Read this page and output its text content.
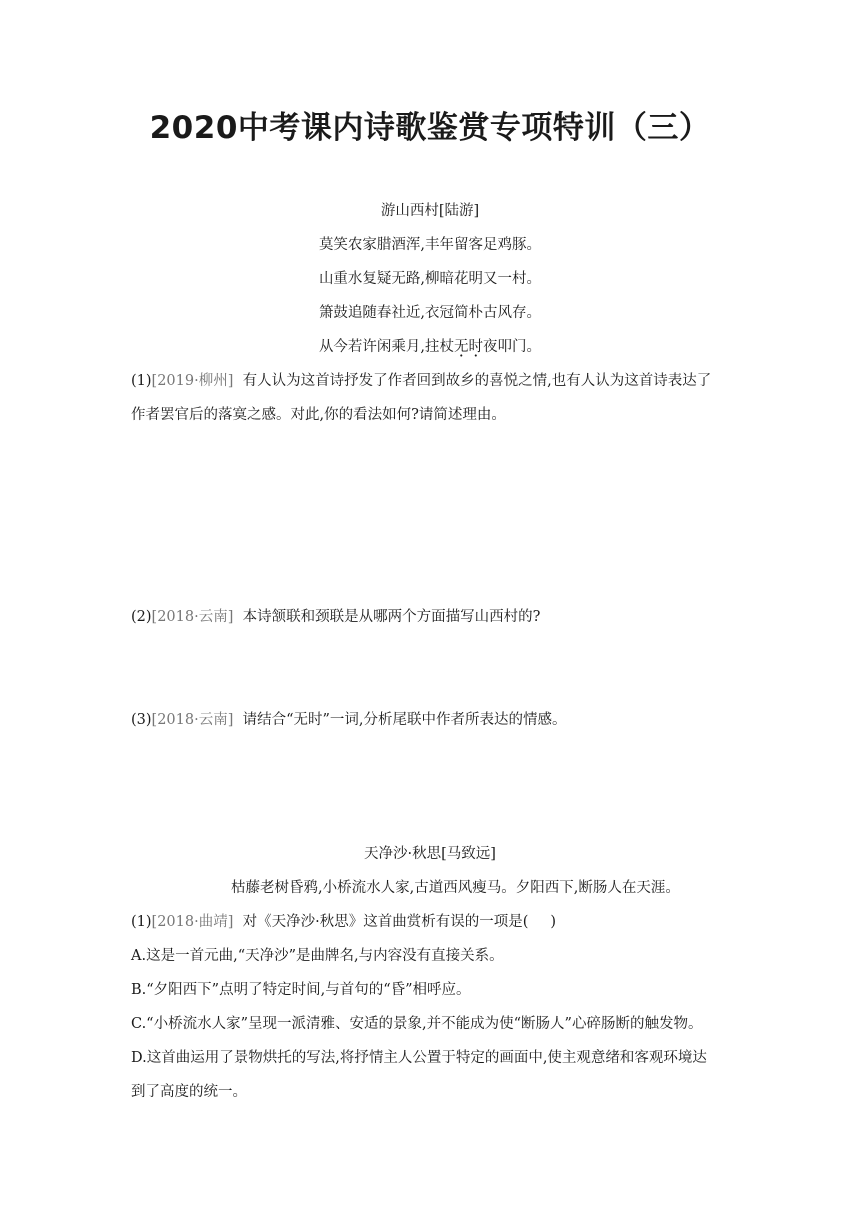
2020中考课内诗歌鉴赏专项特训（三）
游山西村[陆游]
莫笑农家腊酒浑,丰年留客足鸡豚。
山重水复疑无路,柳暗花明又一村。
箫鼓追随春社近,衣冠简朴古风存。
从今若许闲乘月,拄杖无时夜叩门。
(1)[2019·柳州] 有人认为这首诗抒发了作者回到故乡的喜悦之情,也有人认为这首诗表达了
作者罢官后的落寞之感。对此,你的看法如何?请简述理由。
(2)[2018·云南] 本诗颔联和颈联是从哪两个方面描写山西村的?
(3)[2018·云南] 请结合“无时”一词,分析尾联中作者所表达的情感。
天净沙·秋思[马致远]
枯藤老树昏鸦,小桥流水人家,古道西风瘦马。夕阳西下,断肠人在天涯。
(1)[2018·曲靖] 对《天净沙·秋思》这首曲赏析有误的一项是( )
A.这是一首元曲,“天净沙”是曲牌名,与内容没有直接关系。
B.“夕阳西下”点明了特定时间,与首句的“昏”相呼应。
C.“小桥流水人家”呈现一派清雅、安适的景象,并不能成为使“断肠人”心碎肠断的触发物。
D.这首曲运用了景物烘托的写法,将抒情主人公置于特定的画面中,使主观意绪和客观环境达
到了高度的统一。
